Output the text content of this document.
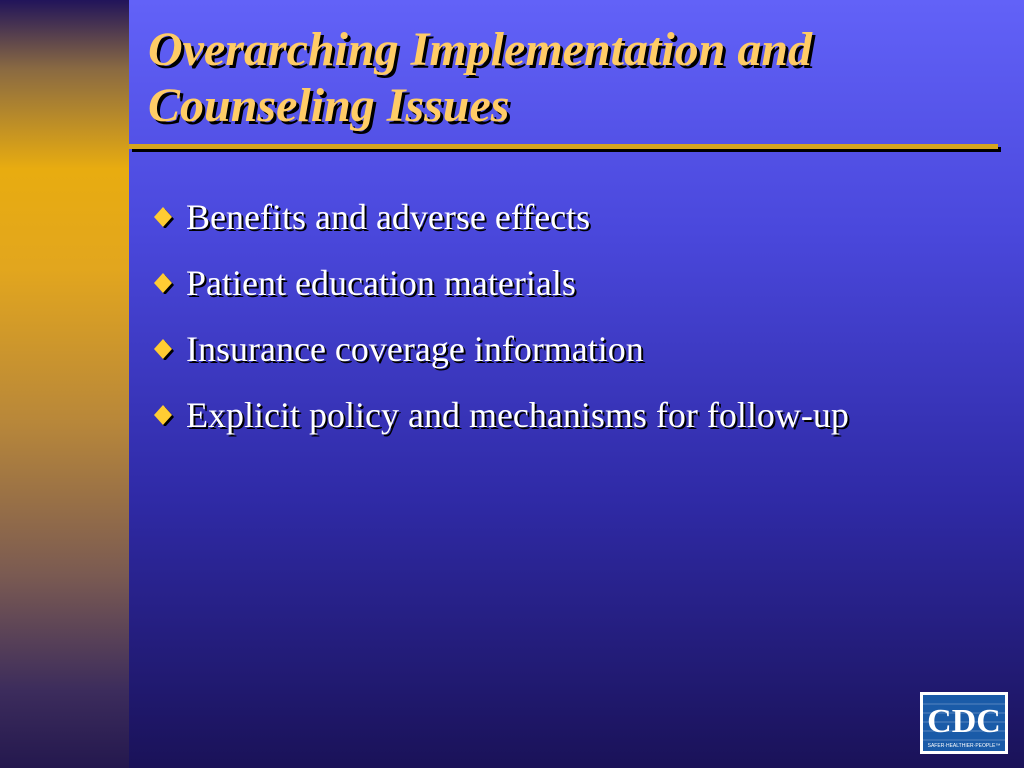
Overarching Implementation and
Counseling Issues
Benefits and adverse effects
Patient education materials
Insurance coverage information
Explicit policy and mechanisms for follow-up
CDC
SAFER·HEALTHIER·PEOPLE™
